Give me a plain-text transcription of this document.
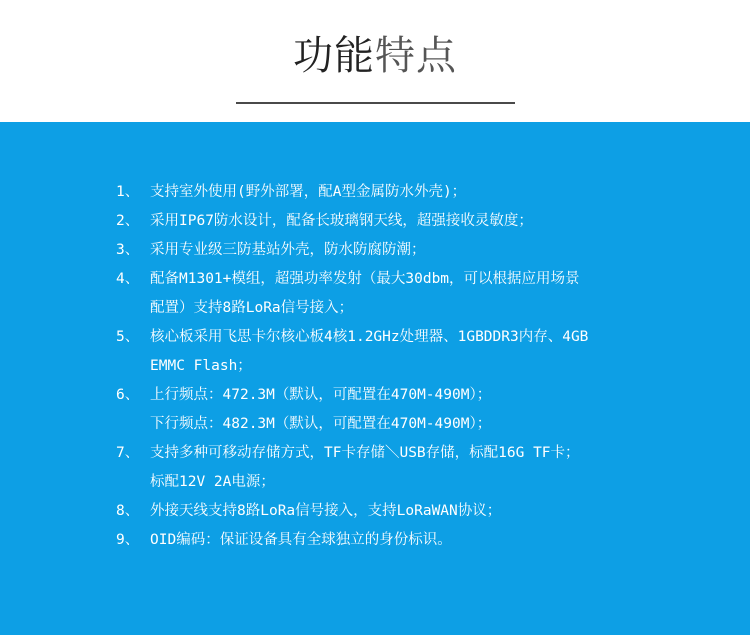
功能特点
1、 支持室外使用(野外部署，配A型金属防水外壳)；
2、 采用IP67防水设计，配备长玻璃钢天线，超强接收灵敏度；
3、 采用专业级三防基站外壳，防水防腐防潮；
4、 配备M1301+模组，超强功率发射（最大30dbm，可以根据应用场景
配置）支持8路LoRa信号接入；
5、 核心板采用飞思卡尔核心板4核1.2GHz处理器、1GBDDR3内存、4GB
EMMC Flash；
6、 上行频点：472.3M（默认，可配置在470M-490M）；
下行频点：482.3M（默认，可配置在470M-490M）；
7、 支持多种可移动存储方式，TF卡存储＼USB存储，标配16G TF卡；
标配12V 2A电源；
8、 外接天线支持8路LoRa信号接入，支持LoRaWAN协议；
9、 OID编码：保证设备具有全球独立的身份标识。
